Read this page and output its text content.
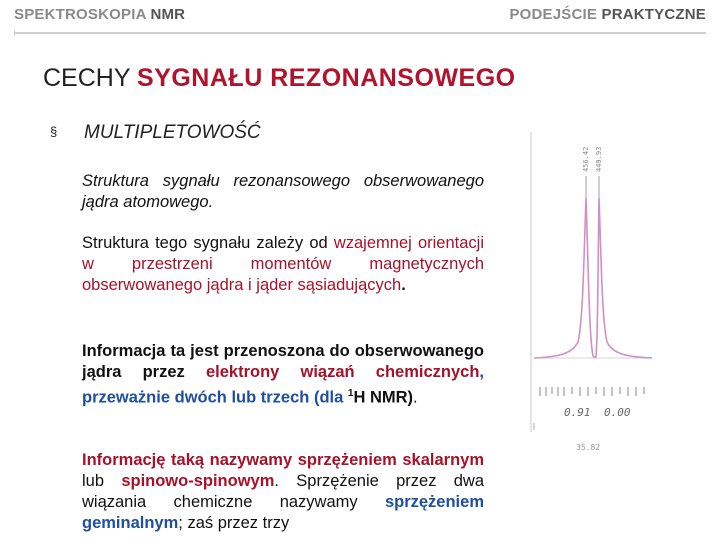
SPEKTROSKOPIA NMR	PODEJŚCIE PRAKTYCZNE
CECHY SYGNAŁU REZONANSOWEGO
§ MULTIPLETOWOŚĆ
Struktura sygnału rezonansowego obserwowanego jądra atomowego.
Struktura tego sygnału zależy od wzajemnej orientacji w przestrzeni momentów magnetycznych obserwowanego jądra i jąder sąsiadujących.
Informacja ta jest przenoszona do obserwowanego jądra przez elektrony wiązań chemicznych, przeważnie dwóch lub trzech (dla $^1$H NMR).
Informację taką nazywamy sprzężeniem skalarnym lub spinowo-spinowym. Sprzężenie przez dwa wiązania chemiczne nazywamy sprzężeniem geminalnym; zaś przez trzy
456.42 449.93
0.91 0.00
35.82
